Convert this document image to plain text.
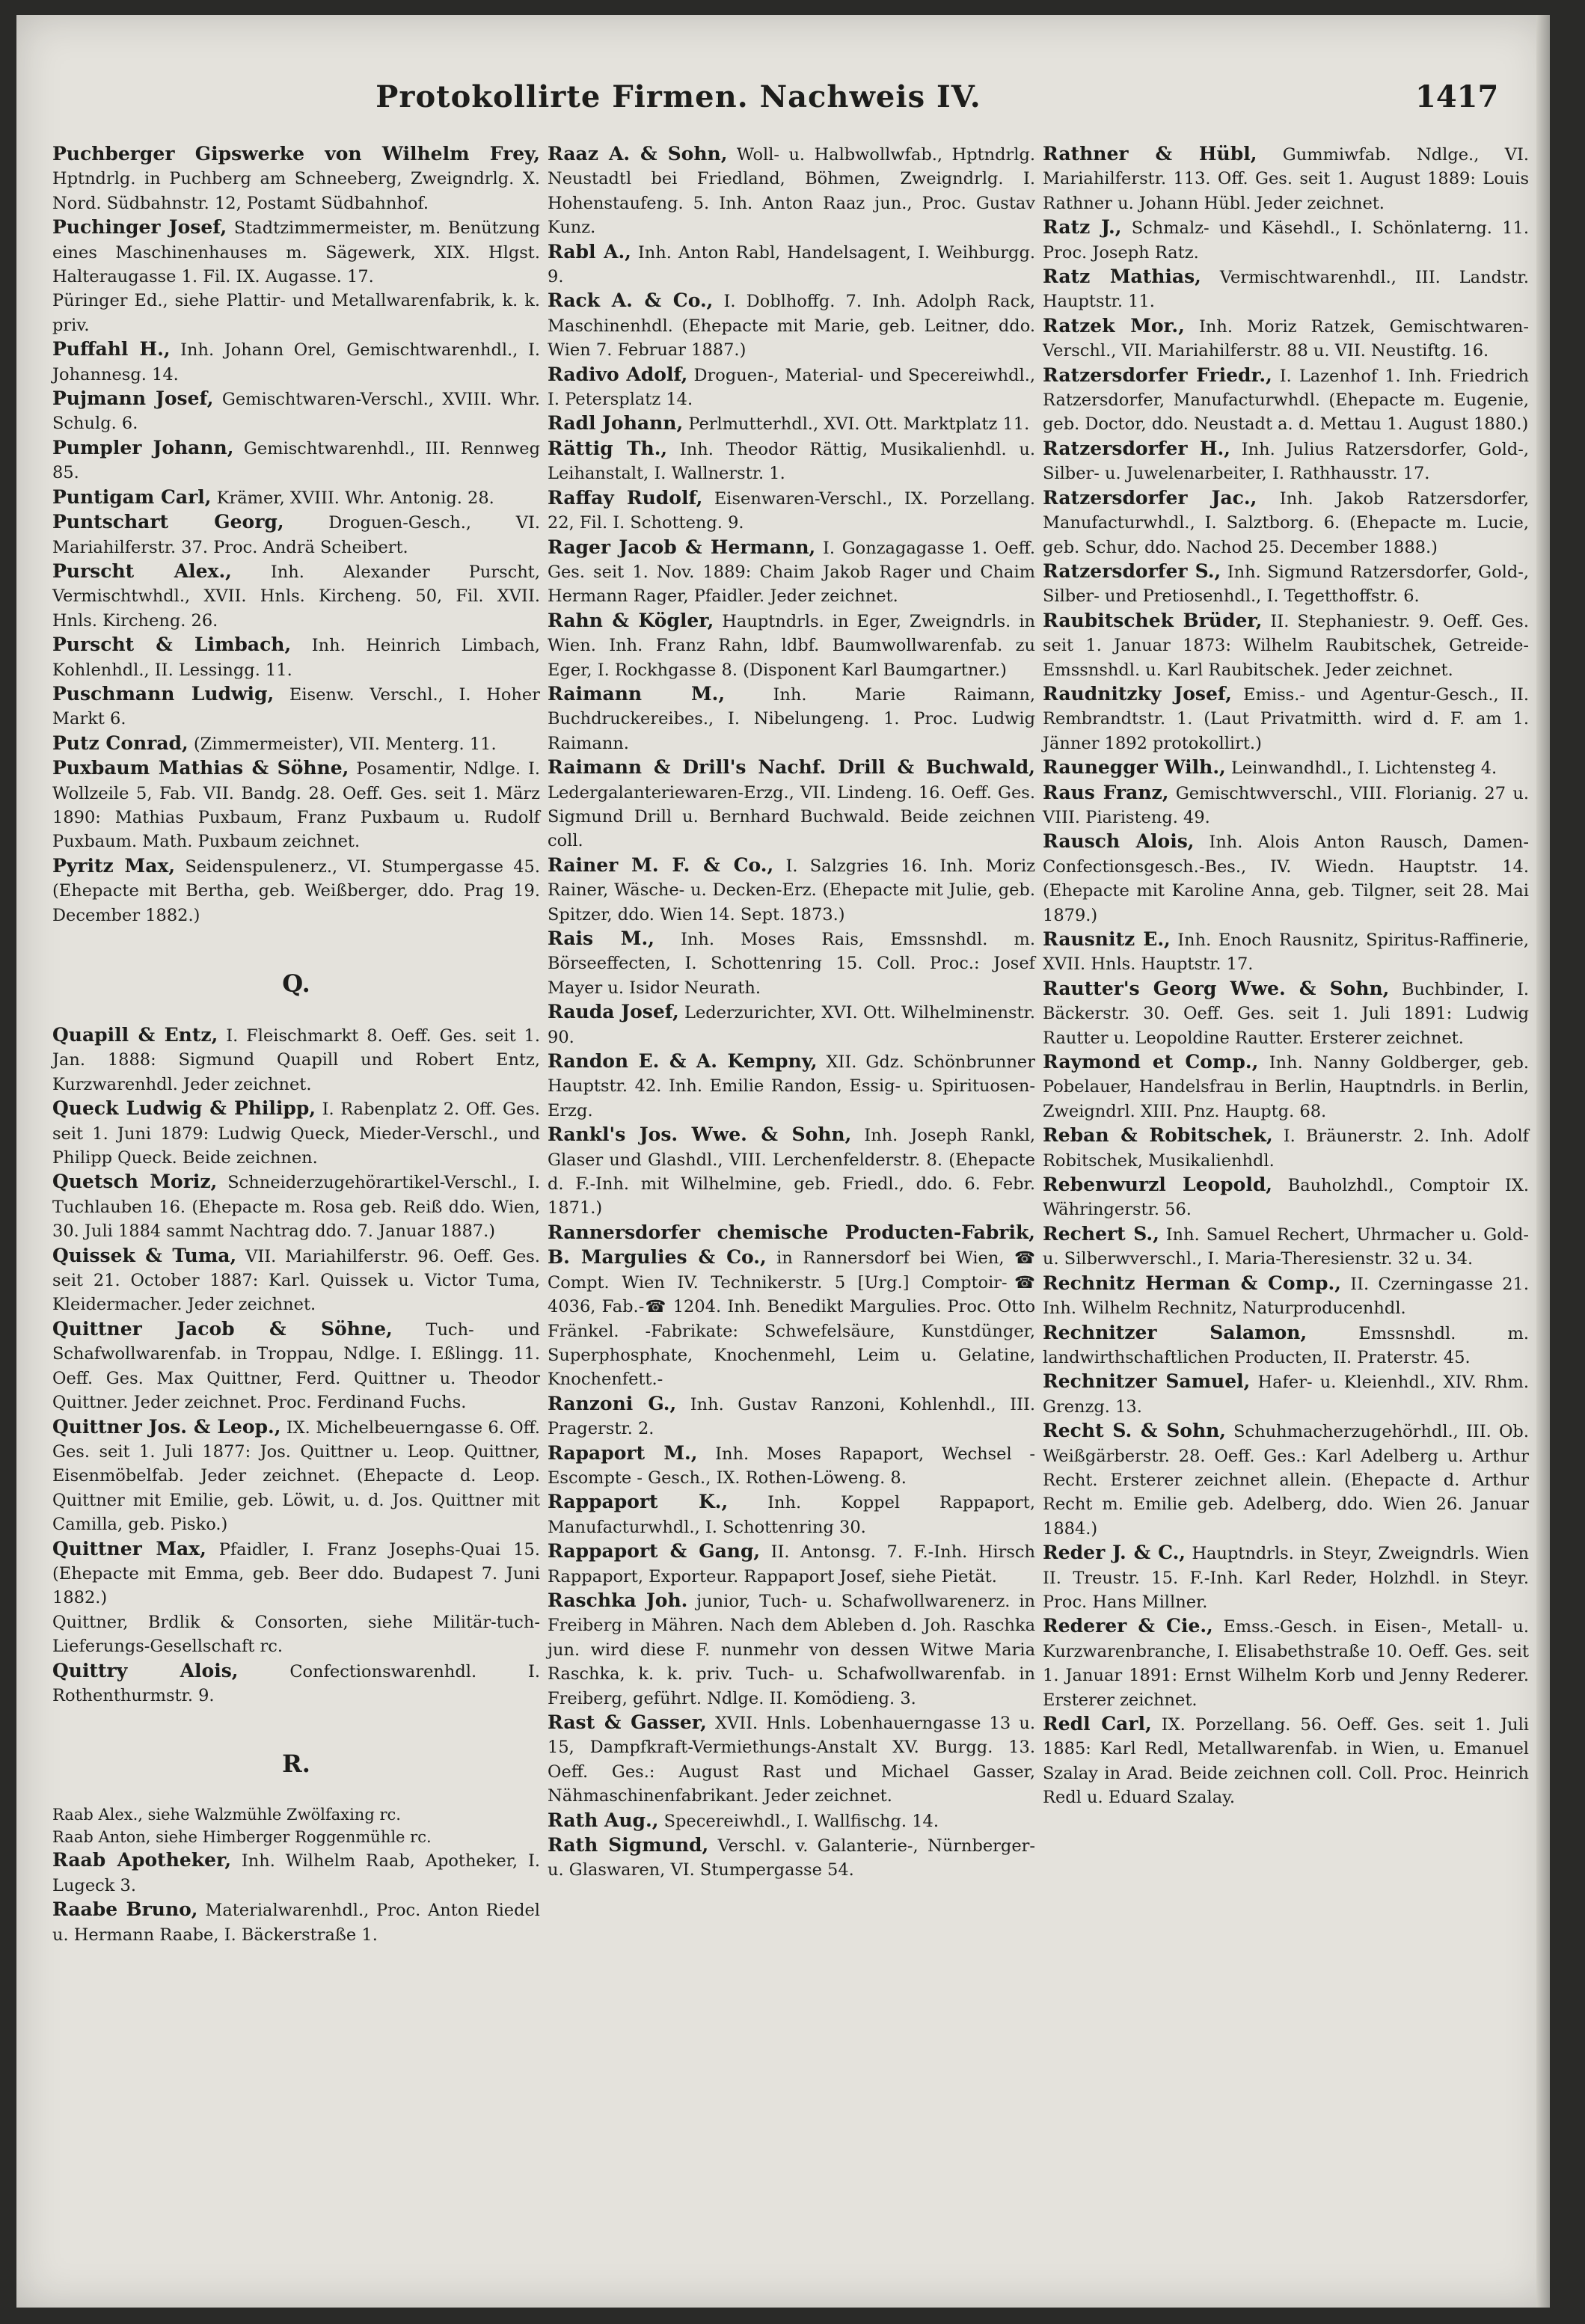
Protokollirte Firmen. Nachweis IV.	1417

Puchberger Gipswerke von Wilhelm Frey, Hptndrlg. in Puchberg am Schneeberg, Zweigndrlg. X. Nord. Südbahnstr. 12, Postamt Südbahnhof.

Puchinger Josef, Stadtzimmermeister, m. Benützung eines Maschinenhauses m. Sägewerk, XIX. Hlgst. Halteraugasse 1. Fil. IX. Augasse. 17.

Püringer Ed., siehe Plattir- und Metallwarenfabrik, k. k. priv.

Puffahl H., Inh. Johann Orel, Gemischtwarenhdl., I. Johannesg. 14.

Pujmann Josef, Gemischtwaren-Verschl., XVIII. Whr. Schulg. 6.

Pumpler Johann, Gemischtwarenhdl., III. Rennweg 85.

Puntigam Carl, Krämer, XVIII. Whr. Antonig. 28.

Puntschart Georg, Droguen-Gesch., VI. Mariahilferstr. 37. Proc. Andrä Scheibert.

Purscht Alex., Inh. Alexander Purscht, Vermischtwhdl., XVII. Hnls. Kircheng. 50, Fil. XVII. Hnls. Kircheng. 26.

Purscht & Limbach, Inh. Heinrich Limbach, Kohlenhdl., II. Lessingg. 11.

Puschmann Ludwig, Eisenw. Verschl., I. Hoher Markt 6.

Putz Conrad, (Zimmermeister), VII. Menterg. 11.

Puxbaum Mathias & Söhne, Posamentir, Ndlge. I. Wollzeile 5, Fab. VII. Bandg. 28. Oeff. Ges. seit 1. März 1890: Mathias Puxbaum, Franz Puxbaum u. Rudolf Puxbaum. Math. Puxbaum zeichnet.

Pyritz Max, Seidenspulenerz., VI. Stumpergasse 45. (Ehepacte mit Bertha, geb. Weißberger, ddo. Prag 19. December 1882.)

Q.

Quapill & Entz, I. Fleischmarkt 8. Oeff. Ges. seit 1. Jan. 1888: Sigmund Quapill und Robert Entz, Kurzwarenhdl. Jeder zeichnet.

Queck Ludwig & Philipp, I. Rabenplatz 2. Off. Ges. seit 1. Juni 1879: Ludwig Queck, Mieder-Verschl., und Philipp Queck. Beide zeichnen.

Quetsch Moriz, Schneiderzugehörartikel-Verschl., I. Tuchlauben 16. (Ehepacte m. Rosa geb. Reiß ddo. Wien, 30. Juli 1884 sammt Nachtrag ddo. 7. Januar 1887.)

Quissek & Tuma, VII. Mariahilferstr. 96. Oeff. Ges. seit 21. October 1887: Karl. Quissek u. Victor Tuma, Kleidermacher. Jeder zeichnet.

Quittner Jacob & Söhne, Tuch- und Schafwollwarenfab. in Troppau, Ndlge. I. Eßlingg. 11. Oeff. Ges. Max Quittner, Ferd. Quittner u. Theodor Quittner. Jeder zeichnet. Proc. Ferdinand Fuchs.

Quittner Jos. & Leop., IX. Michelbeuerngasse 6. Off. Ges. seit 1. Juli 1877: Jos. Quittner u. Leop. Quittner, Eisenmöbelfab. Jeder zeichnet. (Ehepacte d. Leop. Quittner mit Emilie, geb. Löwit, u. d. Jos. Quittner mit Camilla, geb. Pisko.)

Quittner Max, Pfaidler, I. Franz Josephs-Quai 15. (Ehepacte mit Emma, geb. Beer ddo. Budapest 7. Juni 1882.)

Quittner, Brdlik & Consorten, siehe Militär-tuch-Lieferungs-Gesellschaft rc.

Quittry Alois, Confectionswarenhdl. I. Rothenthurmstr. 9.

R.

Raab Alex., siehe Walzmühle Zwölfaxing rc.

Raab Anton, siehe Himberger Roggenmühle rc.

Raab Apotheker, Inh. Wilhelm Raab, Apotheker, I. Lugeck 3.

Raabe Bruno, Materialwarenhdl., Proc. Anton Riedel u. Hermann Raabe, I. Bäckerstraße 1.

Raaz A. & Sohn, Woll- u. Halbwollwfab., Hptndrlg. Neustadtl bei Friedland, Böhmen, Zweigndrlg. I. Hohenstaufeng. 5. Inh. Anton Raaz jun., Proc. Gustav Kunz.

Rabl A., Inh. Anton Rabl, Handelsagent, I. Weihburgg. 9.

Rack A. & Co., I. Doblhoffg. 7. Inh. Adolph Rack, Maschinenhdl. (Ehepacte mit Marie, geb. Leitner, ddo. Wien 7. Februar 1887.)

Radivo Adolf, Droguen-, Material- und Specereiwhdl., I. Petersplatz 14.

Radl Johann, Perlmutterhdl., XVI. Ott. Marktplatz 11.

Rättig Th., Inh. Theodor Rättig, Musikalienhdl. u. Leihanstalt, I. Wallnerstr. 1.

Raffay Rudolf, Eisenwaren-Verschl., IX. Porzellang. 22, Fil. I. Schotteng. 9.

Rager Jacob & Hermann, I. Gonzagagasse 1. Oeff. Ges. seit 1. Nov. 1889: Chaim Jakob Rager und Chaim Hermann Rager, Pfaidler. Jeder zeichnet.

Rahn & Kögler, Hauptndrls. in Eger, Zweigndrls. in Wien. Inh. Franz Rahn, ldbf. Baumwollwarenfab. zu Eger, I. Rockhgasse 8. (Disponent Karl Baumgartner.)

Raimann M., Inh. Marie Raimann, Buchdruckereibes., I. Nibelungeng. 1. Proc. Ludwig Raimann.

Raimann & Drill's Nachf. Drill & Buchwald, Ledergalanteriewaren-Erzg., VII. Lindeng. 16. Oeff. Ges. Sigmund Drill u. Bernhard Buchwald. Beide zeichnen coll.

Rainer M. F. & Co., I. Salzgries 16. Inh. Moriz Rainer, Wäsche- u. Decken-Erz. (Ehepacte mit Julie, geb. Spitzer, ddo. Wien 14. Sept. 1873.)

Rais M., Inh. Moses Rais, Emssnshdl. m. Börseeffecten, I. Schottenring 15. Coll. Proc.: Josef Mayer u. Isidor Neurath.

Rauda Josef, Lederzurichter, XVI. Ott. Wilhelminenstr. 90.

Randon E. & A. Kempny, XII. Gdz. Schönbrunner Hauptstr. 42. Inh. Emilie Randon, Essig- u. Spirituosen-Erzg.

Rankl's Jos. Wwe. & Sohn, Inh. Joseph Rankl, Glaser und Glashdl., VIII. Lerchenfelderstr. 8. (Ehepacte d. F.-Inh. mit Wilhelmine, geb. Friedl., ddo. 6. Febr. 1871.)

Rannersdorfer chemische Producten-Fabrik, B. Margulies & Co., in Rannersdorf bei Wien, ☎ Compt. Wien IV. Technikerstr. 5 [Urg.] Comptoir-☎ 4036, Fab.-☎ 1204. Inh. Benedikt Margulies. Proc. Otto Fränkel. -Fabrikate: Schwefelsäure, Kunstdünger, Superphosphate, Knochenmehl, Leim u. Gelatine, Knochenfett.-

Ranzoni G., Inh. Gustav Ranzoni, Kohlenhdl., III. Pragerstr. 2.

Rapaport M., Inh. Moses Rapaport, Wechsel - Escompte - Gesch., IX. Rothen-Löweng. 8.

Rappaport K., Inh. Koppel Rappaport, Manufacturwhdl., I. Schottenring 30.

Rappaport & Gang, II. Antonsg. 7. F.-Inh. Hirsch Rappaport, Exporteur. Rappaport Josef, siehe Pietät.

Raschka Joh. junior, Tuch- u. Schafwollwarenerz. in Freiberg in Mähren. Nach dem Ableben d. Joh. Raschka jun. wird diese F. nunmehr von dessen Witwe Maria Raschka, k. k. priv. Tuch- u. Schafwollwarenfab. in Freiberg, geführt. Ndlge. II. Komödieng. 3.

Rast & Gasser, XVII. Hnls. Lobenhauerngasse 13 u. 15, Dampfkraft-Vermiethungs-Anstalt XV. Burgg. 13. Oeff. Ges.: August Rast und Michael Gasser, Nähmaschinenfabrikant. Jeder zeichnet.

Rath Aug., Specereiwhdl., I. Wallfischg. 14.

Rath Sigmund, Verschl. v. Galanterie-, Nürnberger- u. Glaswaren, VI. Stumpergasse 54.

Rathner & Hübl, Gummiwfab. Ndlge., VI. Mariahilferstr. 113. Off. Ges. seit 1. August 1889: Louis Rathner u. Johann Hübl. Jeder zeichnet.

Ratz J., Schmalz- und Käsehdl., I. Schönlaterng. 11. Proc. Joseph Ratz.

Ratz Mathias, Vermischtwarenhdl., III. Landstr. Hauptstr. 11.

Ratzek Mor., Inh. Moriz Ratzek, Gemischtwaren-Verschl., VII. Mariahilferstr. 88 u. VII. Neustiftg. 16.

Ratzersdorfer Friedr., I. Lazenhof 1. Inh. Friedrich Ratzersdorfer, Manufacturwhdl. (Ehepacte m. Eugenie, geb. Doctor, ddo. Neustadt a. d. Mettau 1. August 1880.)

Ratzersdorfer H., Inh. Julius Ratzersdorfer, Gold-, Silber- u. Juwelenarbeiter, I. Rathhausstr. 17.

Ratzersdorfer Jac., Inh. Jakob Ratzersdorfer, Manufacturwhdl., I. Salztborg. 6. (Ehepacte m. Lucie, geb. Schur, ddo. Nachod 25. December 1888.)

Ratzersdorfer S., Inh. Sigmund Ratzersdorfer, Gold-, Silber- und Pretiosenhdl., I. Tegetthoffstr. 6.

Raubitschek Brüder, II. Stephaniestr. 9. Oeff. Ges. seit 1. Januar 1873: Wilhelm Raubitschek, Getreide-Emssnshdl. u. Karl Raubitschek. Jeder zeichnet.

Raudnitzky Josef, Emiss.- und Agentur-Gesch., II. Rembrandtstr. 1. (Laut Privatmitth. wird d. F. am 1. Jänner 1892 protokollirt.)

Raunegger Wilh., Leinwandhdl., I. Lichtensteg 4.

Raus Franz, Gemischtwverschl., VIII. Florianig. 27 u. VIII. Piaristeng. 49.

Rausch Alois, Inh. Alois Anton Rausch, Damen-Confectionsgesch.-Bes., IV. Wiedn. Hauptstr. 14. (Ehepacte mit Karoline Anna, geb. Tilgner, seit 28. Mai 1879.)

Rausnitz E., Inh. Enoch Rausnitz, Spiritus-Raffinerie, XVII. Hnls. Hauptstr. 17.

Rautter's Georg Wwe. & Sohn, Buchbinder, I. Bäckerstr. 30. Oeff. Ges. seit 1. Juli 1891: Ludwig Rautter u. Leopoldine Rautter. Ersterer zeichnet.

Raymond et Comp., Inh. Nanny Goldberger, geb. Pobelauer, Handelsfrau in Berlin, Hauptndrls. in Berlin, Zweigndrl. XIII. Pnz. Hauptg. 68.

Reban & Robitschek, I. Bräunerstr. 2. Inh. Adolf Robitschek, Musikalienhdl.

Rebenwurzl Leopold, Bauholzhdl., Comptoir IX. Währingerstr. 56.

Rechert S., Inh. Samuel Rechert, Uhrmacher u. Gold- u. Silberwverschl., I. Maria-Theresienstr. 32 u. 34.

Rechnitz Herman & Comp., II. Czerningasse 21. Inh. Wilhelm Rechnitz, Naturproducenhdl.

Rechnitzer Salamon, Emssnshdl. m. landwirthschaftlichen Producten, II. Praterstr. 45.

Rechnitzer Samuel, Hafer- u. Kleienhdl., XIV. Rhm. Grenzg. 13.

Recht S. & Sohn, Schuhmacherzugehörhdl., III. Ob. Weißgärberstr. 28. Oeff. Ges.: Karl Adelberg u. Arthur Recht. Ersterer zeichnet allein. (Ehepacte d. Arthur Recht m. Emilie geb. Adelberg, ddo. Wien 26. Januar 1884.)

Reder J. & C., Hauptndrls. in Steyr, Zweigndrls. Wien II. Treustr. 15. F.-Inh. Karl Reder, Holzhdl. in Steyr. Proc. Hans Millner.

Rederer & Cie., Emss.-Gesch. in Eisen-, Metall- u. Kurzwarenbranche, I. Elisabethstraße 10. Oeff. Ges. seit 1. Januar 1891: Ernst Wilhelm Korb und Jenny Rederer. Ersterer zeichnet.

Redl Carl, IX. Porzellang. 56. Oeff. Ges. seit 1. Juli 1885: Karl Redl, Metallwarenfab. in Wien, u. Emanuel Szalay in Arad. Beide zeichnen coll. Coll. Proc. Heinrich Redl u. Eduard Szalay.
